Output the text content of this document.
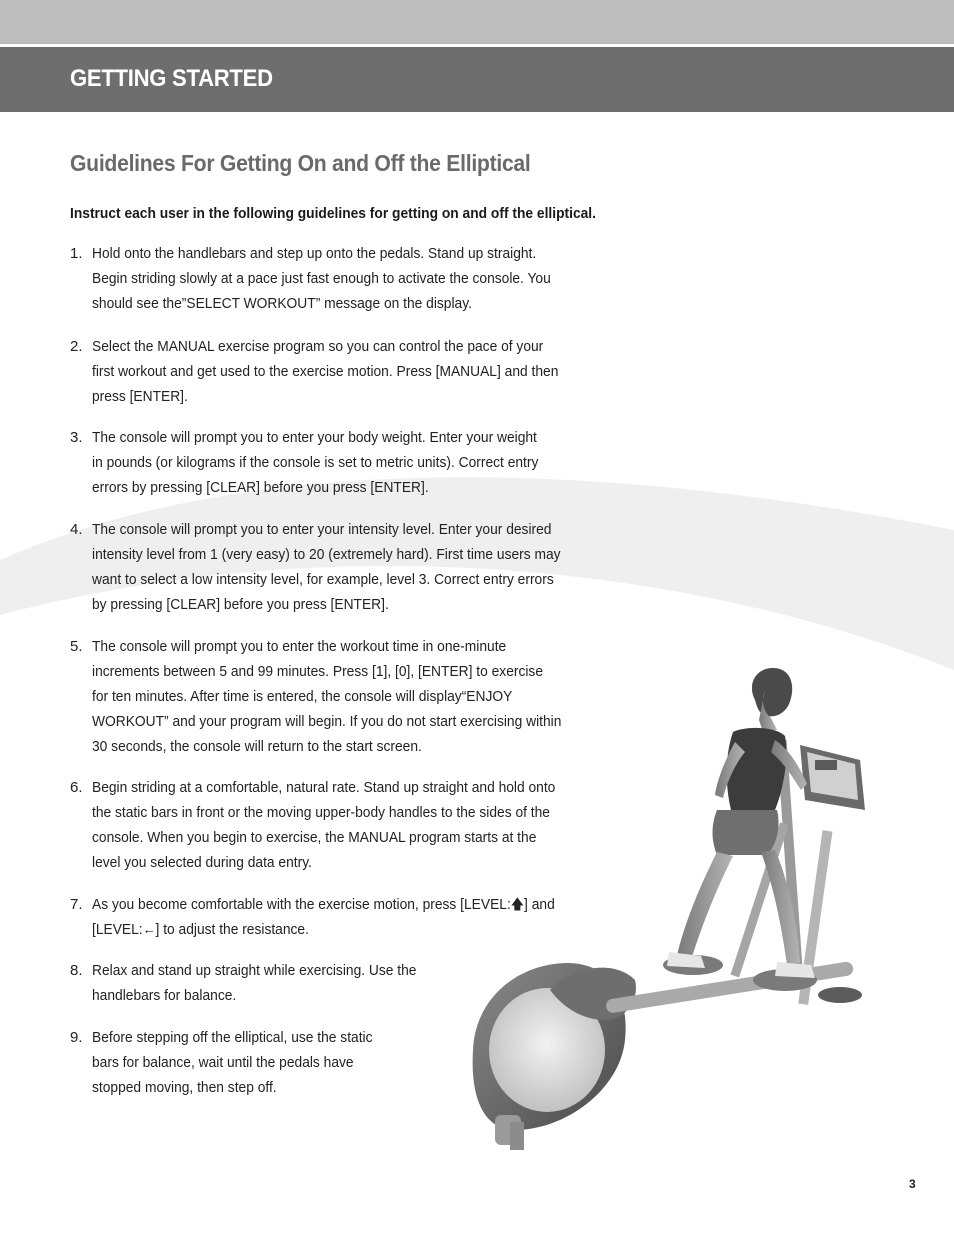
GETTING STARTED
Guidelines For Getting On and Off the Elliptical

Instruct each user in the following guidelines for getting on and off the elliptical.

1. Hold onto the handlebars and step up onto the pedals. Stand up straight.
Begin striding slowly at a pace just fast enough to activate the console. You
should see the”SELECT WORKOUT” message on the display.

2. Select the MANUAL exercise program so you can control the pace of your
first workout and get used to the exercise motion. Press [MANUAL] and then
press [ENTER].

3. The console will prompt you to enter your body weight. Enter your weight
in pounds (or kilograms if the console is set to metric units). Correct entry
errors by pressing [CLEAR] before you press [ENTER].

4. The console will prompt you to enter your intensity level. Enter your desired
intensity level from 1 (very easy) to 20 (extremely hard). First time users may
want to select a low intensity level, for example, level 3. Correct entry errors
by pressing [CLEAR] before you press [ENTER].

5. The console will prompt you to enter the workout time in one-minute
increments between 5 and 99 minutes. Press [1], [0], [ENTER] to exercise
for ten minutes. After time is entered, the console will display“ENJOY
WORKOUT” and your program will begin. If you do not start exercising within
30 seconds, the console will return to the start screen.

6. Begin striding at a comfortable, natural rate. Stand up straight and hold onto
the static bars in front or the moving upper-body handles to the sides of the
console. When you begin to exercise, the MANUAL program starts at the
level you selected during data entry.

7. As you become comfortable with the exercise motion, press [LEVEL:🡅] and
[LEVEL:←] to adjust the resistance.

8. Relax and stand up straight while exercising. Use the
handlebars for balance.

9. Before stepping off the elliptical, use the static
bars for balance, wait until the pedals have
stopped moving, then step off.

3
